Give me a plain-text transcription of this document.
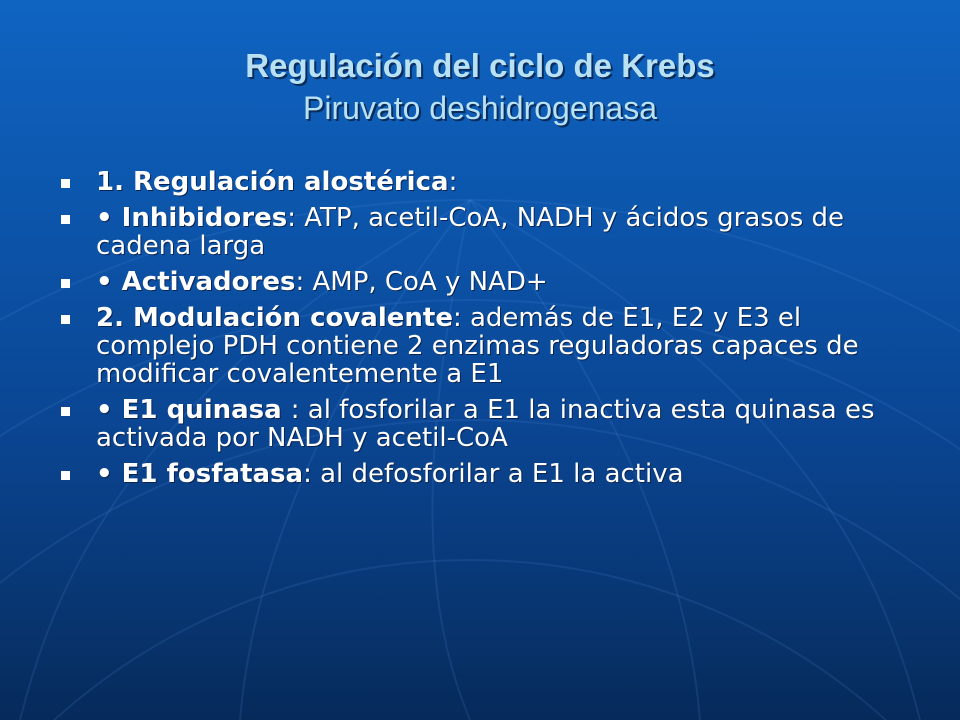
Regulación del ciclo de Krebs
Piruvato deshidrogenasa
1. Regulación alostérica:
• Inhibidores: ATP, acetil-CoA, NADH y ácidos grasos de cadena larga
• Activadores: AMP, CoA y NAD+
2. Modulación covalente: además de E1, E2 y E3 el complejo PDH contiene 2 enzimas reguladoras capaces de modificar covalentemente a E1
• E1 quinasa : al fosforilar a E1 la inactiva esta quinasa es activada por NADH y acetil-CoA
• E1 fosfatasa: al defosforilar a E1 la activa
